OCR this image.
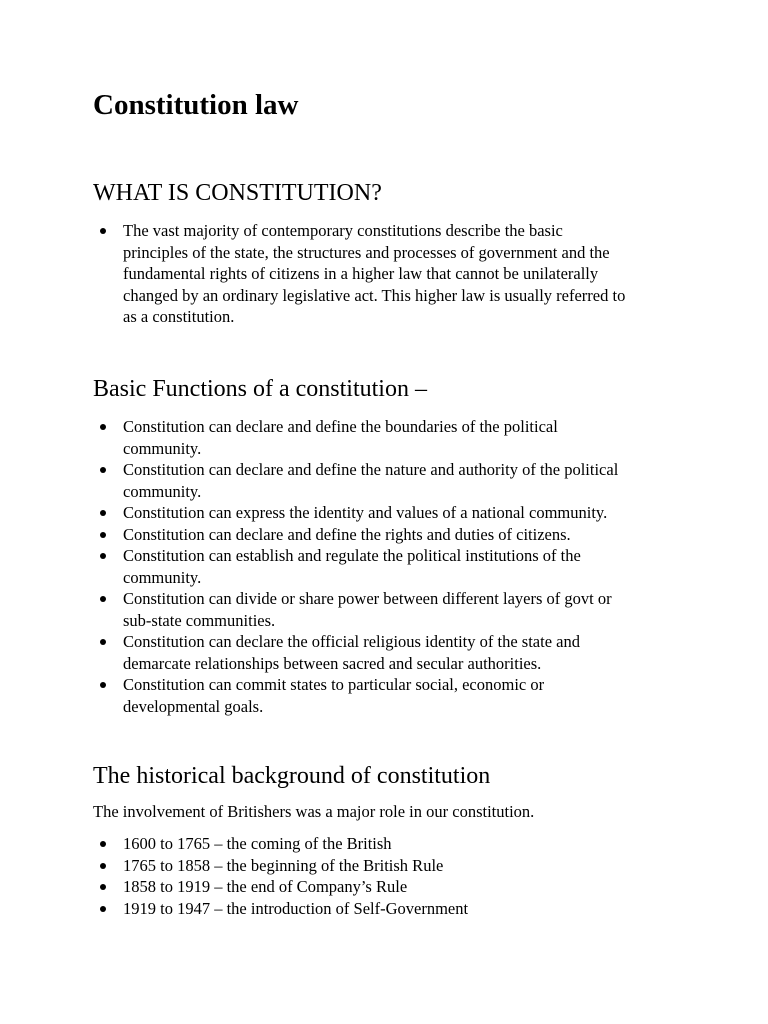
Constitution law
WHAT IS CONSTITUTION?
The vast majority of contemporary constitutions describe the basic
principles of the state, the structures and processes of government and the
fundamental rights of citizens in a higher law that cannot be unilaterally
changed by an ordinary legislative act. This higher law is usually referred to
as a constitution.
Basic Functions of a constitution –
Constitution can declare and define the boundaries of the political
community.
Constitution can declare and define the nature and authority of the political
community.
Constitution can express the identity and values of a national community.
Constitution can declare and define the rights and duties of citizens.
Constitution can establish and regulate the political institutions of the
community.
Constitution can divide or share power between different layers of govt or
sub-state communities.
Constitution can declare the official religious identity of the state and
demarcate relationships between sacred and secular authorities.
Constitution can commit states to particular social, economic or
developmental goals.
The historical background of constitution

The involvement of Britishers was a major role in our constitution.

1600 to 1765 – the coming of the British
1765 to 1858 – the beginning of the British Rule
1858 to 1919 – the end of Company’s Rule
1919 to 1947 – the introduction of Self-Government
